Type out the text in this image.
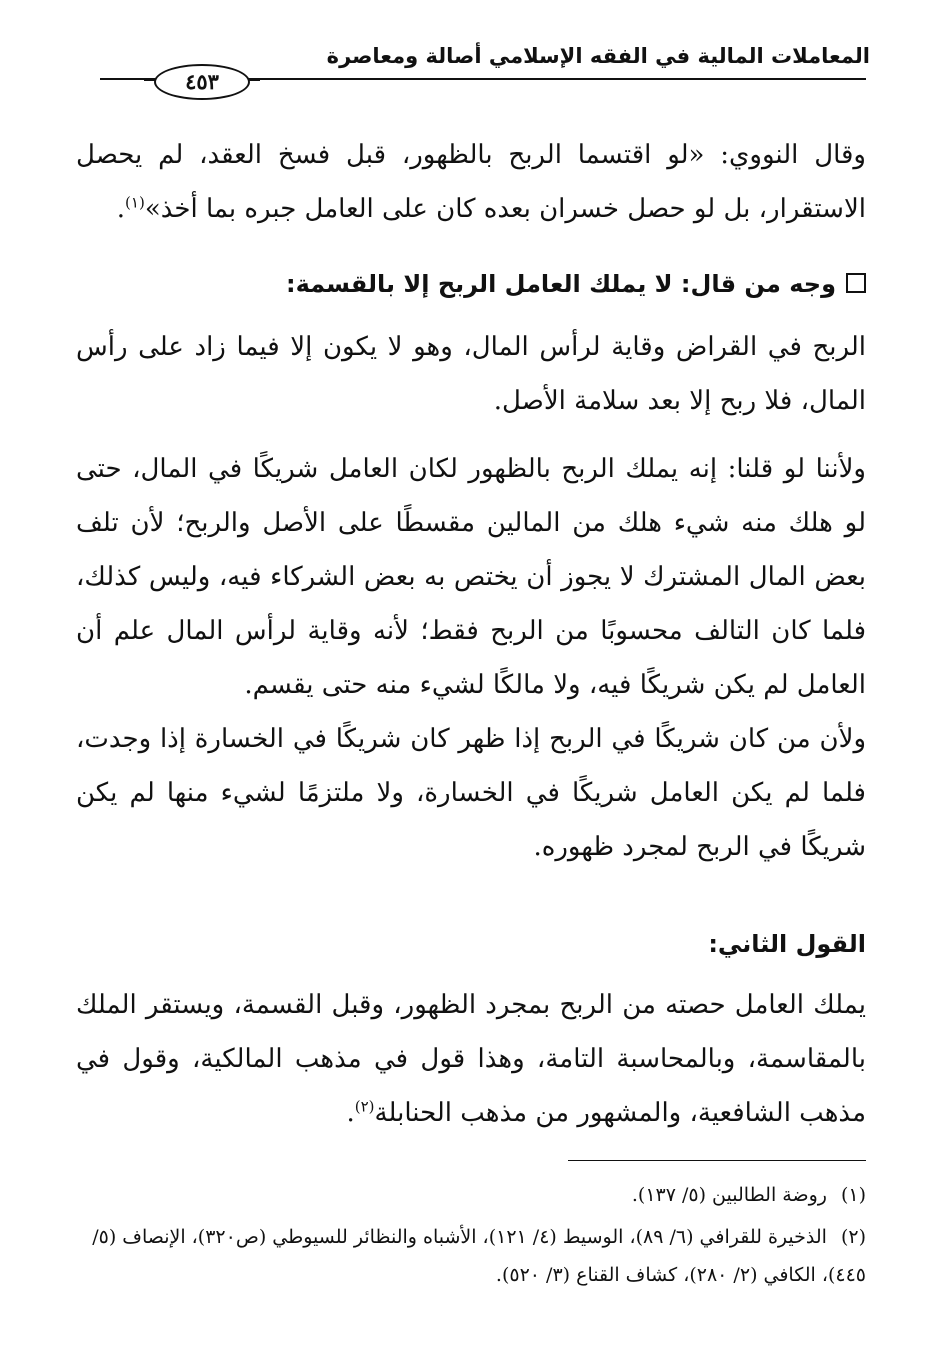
المعاملات المالية في الفقه الإسلامي أصالة ومعاصرة
٤٥٣

وقال النووي: «لو اقتسما الربح بالظهور، قبل فسخ العقد، لم يحصل الاستقرار، بل لو حصل خسران بعده كان على العامل جبره بما أخذ»$^{(١)}$.

وجه من قال: لا يملك العامل الربح إلا بالقسمة:

الربح في القراض وقاية لرأس المال، وهو لا يكون إلا فيما زاد على رأس المال، فلا ربح إلا بعد سلامة الأصل.

ولأننا لو قلنا: إنه يملك الربح بالظهور لكان العامل شريكًا في المال، حتى لو هلك منه شيء هلك من المالين مقسطًا على الأصل والربح؛ لأن تلف بعض المال المشترك لا يجوز أن يختص به بعض الشركاء فيه، وليس كذلك، فلما كان التالف محسوبًا من الربح فقط؛ لأنه وقاية لرأس المال علم أن العامل لم يكن شريكًا فيه، ولا مالكًا لشيء منه حتى يقسم.

ولأن من كان شريكًا في الربح إذا ظهر كان شريكًا في الخسارة إذا وجدت، فلما لم يكن العامل شريكًا في الخسارة، ولا ملتزمًا لشيء منها لم يكن شريكًا في الربح لمجرد ظهوره.

القول الثاني:

يملك العامل حصته من الربح بمجرد الظهور، وقبل القسمة، ويستقر الملك بالمقاسمة، وبالمحاسبة التامة، وهذا قول في مذهب المالكية، وقول في مذهب الشافعية، والمشهور من مذهب الحنابلة$^{(٢)}$.

(١)روضة الطالبين (٥/ ١٣٧).

(٢)الذخيرة للقرافي (٦/ ٨٩)، الوسيط (٤/ ١٢١)، الأشباه والنظائر للسيوطي (ص٣٢٠)، الإنصاف (٥/ ٤٤٥)، الكافي (٢/ ٢٨٠)، كشاف القناع (٣/ ٥٢٠).
